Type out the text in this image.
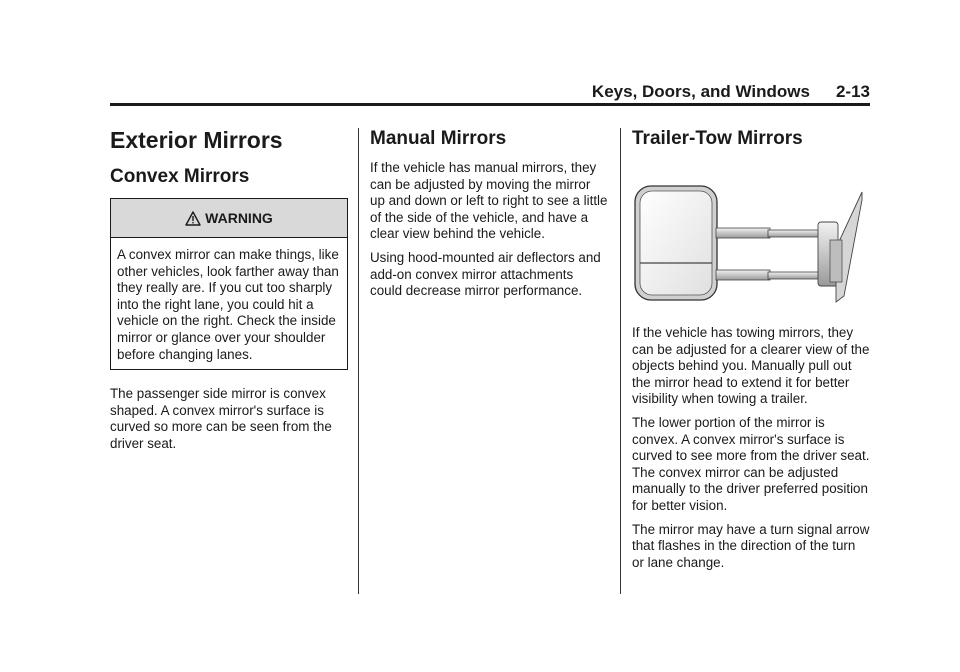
Keys, Doors, and Windows 2-13
Exterior Mirrors
Convex Mirrors
WARNING

A convex mirror can make things, like other vehicles, look farther away than they really are. If you cut too sharply into the right lane, you could hit a vehicle on the right. Check the inside mirror or glance over your shoulder before changing lanes.

The passenger side mirror is convex shaped. A convex mirror's surface is curved so more can be seen from the driver seat.

Manual Mirrors

If the vehicle has manual mirrors, they can be adjusted by moving the mirror up and down or left to right to see a little of the side of the vehicle, and have a clear view behind the vehicle.

Using hood-mounted air deflectors and add-on convex mirror attachments could decrease mirror performance.

Trailer-Tow Mirrors

If the vehicle has towing mirrors, they can be adjusted for a clearer view of the objects behind you. Manually pull out the mirror head to extend it for better visibility when towing a trailer.

The lower portion of the mirror is convex. A convex mirror's surface is curved to see more from the driver seat. The convex mirror can be adjusted manually to the driver preferred position for better vision.

The mirror may have a turn signal arrow that flashes in the direction of the turn or lane change.
